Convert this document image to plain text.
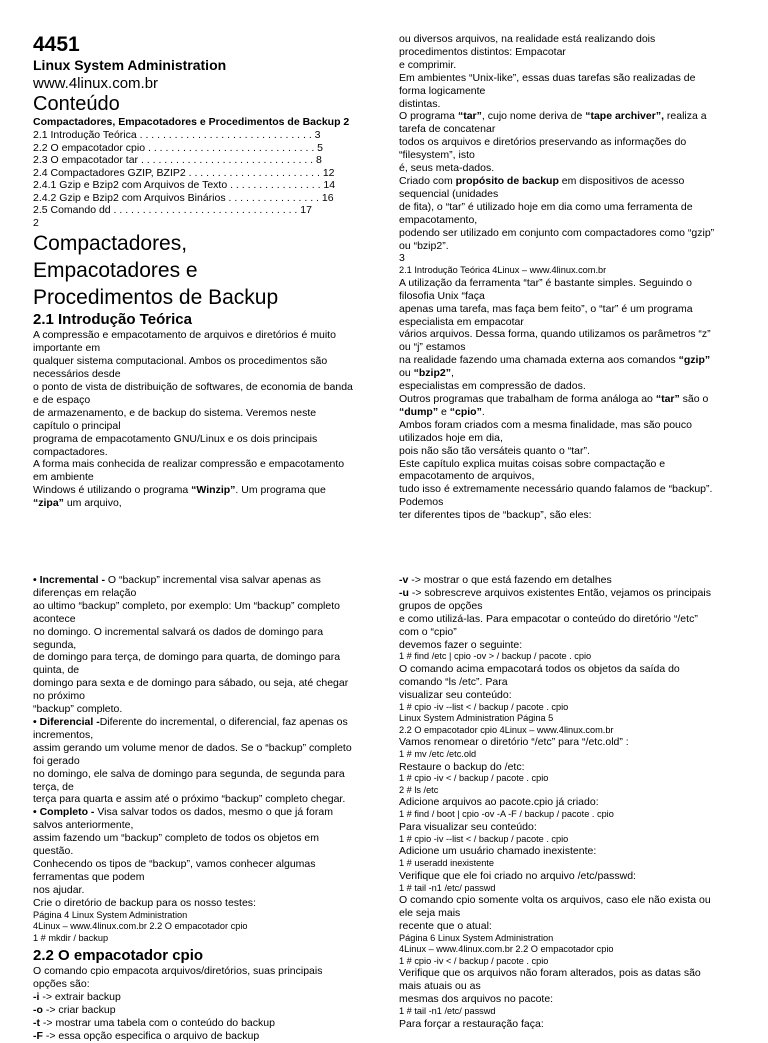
4451

Linux System Administration

www.4linux.com.br

Conteúdo

Compactadores, Empacotadores e Procedimentos de Backup 2

2.1 Introdução Teórica . . . . . . . . . . . . . . . . . . . . . . . . . . . . . . 3

2.2 O empacotador cpio . . . . . . . . . . . . . . . . . . . . . . . . . . . . . 5

2.3 O empacotador tar . . . . . . . . . . . . . . . . . . . . . . . . . . . . . . 8

2.4 Compactadores GZIP, BZIP2 . . . . . . . . . . . . . . . . . . . . . . . 12

2.4.1 Gzip e Bzip2 com Arquivos de Texto . . . . . . . . . . . . . . . . 14

2.4.2 Gzip e Bzip2 com Arquivos Binários . . . . . . . . . . . . . . . . 16

2.5 Comando dd . . . . . . . . . . . . . . . . . . . . . . . . . . . . . . . . 17

2

Compactadores,

Empacotadores e

Procedimentos de Backup

2.1 Introdução Teórica

A compressão e empacotamento de arquivos e diretórios é muito

importante em

qualquer sistema computacional. Ambos os procedimentos são

necessários desde

o ponto de vista de distribuição de softwares, de economia de banda

e de espaço

de armazenamento, e de backup do sistema. Veremos neste

capítulo o principal

programa de empacotamento GNU/Linux e os dois principais

compactadores.

A forma mais conhecida de realizar compressão e empacotamento

em ambiente

Windows é utilizando o programa “Winzip”. Um programa que

“zipa” um arquivo,

ou diversos arquivos, na realidade está realizando dois

procedimentos distintos: Empacotar

e comprimir.

Em ambientes “Unix-like”, essas duas tarefas são realizadas de

forma logicamente

distintas.

O programa “tar”, cujo nome deriva de “tape archiver”, realiza a

tarefa de concatenar

todos os arquivos e diretórios preservando as informações do

“filesystem”, isto

é, seus meta-dados.

Criado com propósito de backup em dispositivos de acesso

sequencial (unidades

de fita), o “tar” é utilizado hoje em dia como uma ferramenta de

empacotamento,

podendo ser utilizado em conjunto com compactadores como “gzip”

ou “bzip2”.

3

2.1 Introdução Teórica 4Linux – www.4linux.com.br

A utilização da ferramenta “tar” é bastante simples. Seguindo o

filosofia Unix “faça

apenas uma tarefa, mas faça bem feito”, o “tar” é um programa

especialista em empacotar

vários arquivos. Dessa forma, quando utilizamos os parâmetros “z”

ou “j” estamos

na realidade fazendo uma chamada externa aos comandos “gzip”

ou “bzip2”,

especialistas em compressão de dados.

Outros programas que trabalham de forma análoga ao “tar” são o

“dump” e “cpio”.

Ambos foram criados com a mesma finalidade, mas são pouco

utilizados hoje em dia,

pois não são tão versáteis quanto o “tar”.

Este capítulo explica muitas coisas sobre compactação e

empacotamento de arquivos,

tudo isso é extremamente necessário quando falamos de “backup”.

Podemos

ter diferentes tipos de “backup”, são eles:

• Incremental - O “backup” incremental visa salvar apenas as

diferenças em relação

ao ultimo “backup” completo, por exemplo: Um “backup” completo

acontece

no domingo. O incremental salvará os dados de domingo para

segunda,

de domingo para terça, de domingo para quarta, de domingo para

quinta, de

domingo para sexta e de domingo para sábado, ou seja, até chegar

no próximo

“backup” completo.

• Diferencial -Diferente do incremental, o diferencial, faz apenas os

incrementos,

assim gerando um volume menor de dados. Se o “backup” completo

foi gerado

no domingo, ele salva de domingo para segunda, de segunda para

terça, de

terça para quarta e assim até o próximo “backup” completo chegar.

• Completo - Visa salvar todos os dados, mesmo o que já foram

salvos anteriormente,

assim fazendo um “backup” completo de todos os objetos em

questão.

Conhecendo os tipos de “backup”, vamos conhecer algumas

ferramentas que podem

nos ajudar.

Crie o diretório de backup para os nosso testes:

Página 4 Linux System Administration

4Linux – www.4linux.com.br 2.2 O empacotador cpio

1 # mkdir / backup

2.2 O empacotador cpio

O comando cpio empacota arquivos/diretórios, suas principais

opções são:

-i -> extrair backup

-o -> criar backup

-t -> mostrar uma tabela com o conteúdo do backup

-F -> essa opção especifica o arquivo de backup

-v -> mostrar o que está fazendo em detalhes

-u -> sobrescreve arquivos existentes Então, vejamos os principais

grupos de opções

e como utilizá-las. Para empacotar o conteúdo do diretório “/etc”

com o “cpio”

devemos fazer o seguinte:

1 # find /etc | cpio -ov > / backup / pacote . cpio

O comando acima empacotará todos os objetos da saída do

comando “ls /etc”. Para

visualizar seu conteúdo:

1 # cpio -iv --list < / backup / pacote . cpio

Linux System Administration Página 5

2.2 O empacotador cpio 4Linux – www.4linux.com.br

Vamos renomear o diretório “/etc” para “/etc.old” :

1 # mv /etc /etc.old

Restaure o backup do /etc:

1 # cpio -iv < / backup / pacote . cpio

2 # ls /etc

Adicione arquivos ao pacote.cpio já criado:

1 # find / boot | cpio -ov -A -F / backup / pacote . cpio

Para visualizar seu conteúdo:

1 # cpio -iv --list < / backup / pacote . cpio

Adicione um usuário chamado inexistente:

1 # useradd inexistente

Verifique que ele foi criado no arquivo /etc/passwd:

1 # tail -n1 /etc/ passwd

O comando cpio somente volta os arquivos, caso ele não exista ou

ele seja mais

recente que o atual:

Página 6 Linux System Administration

4Linux – www.4linux.com.br 2.2 O empacotador cpio

1 # cpio -iv < / backup / pacote . cpio

Verifique que os arquivos não foram alterados, pois as datas são

mais atuais ou as

mesmas dos arquivos no pacote:

1 # tail -n1 /etc/ passwd

Para forçar a restauração faça:
